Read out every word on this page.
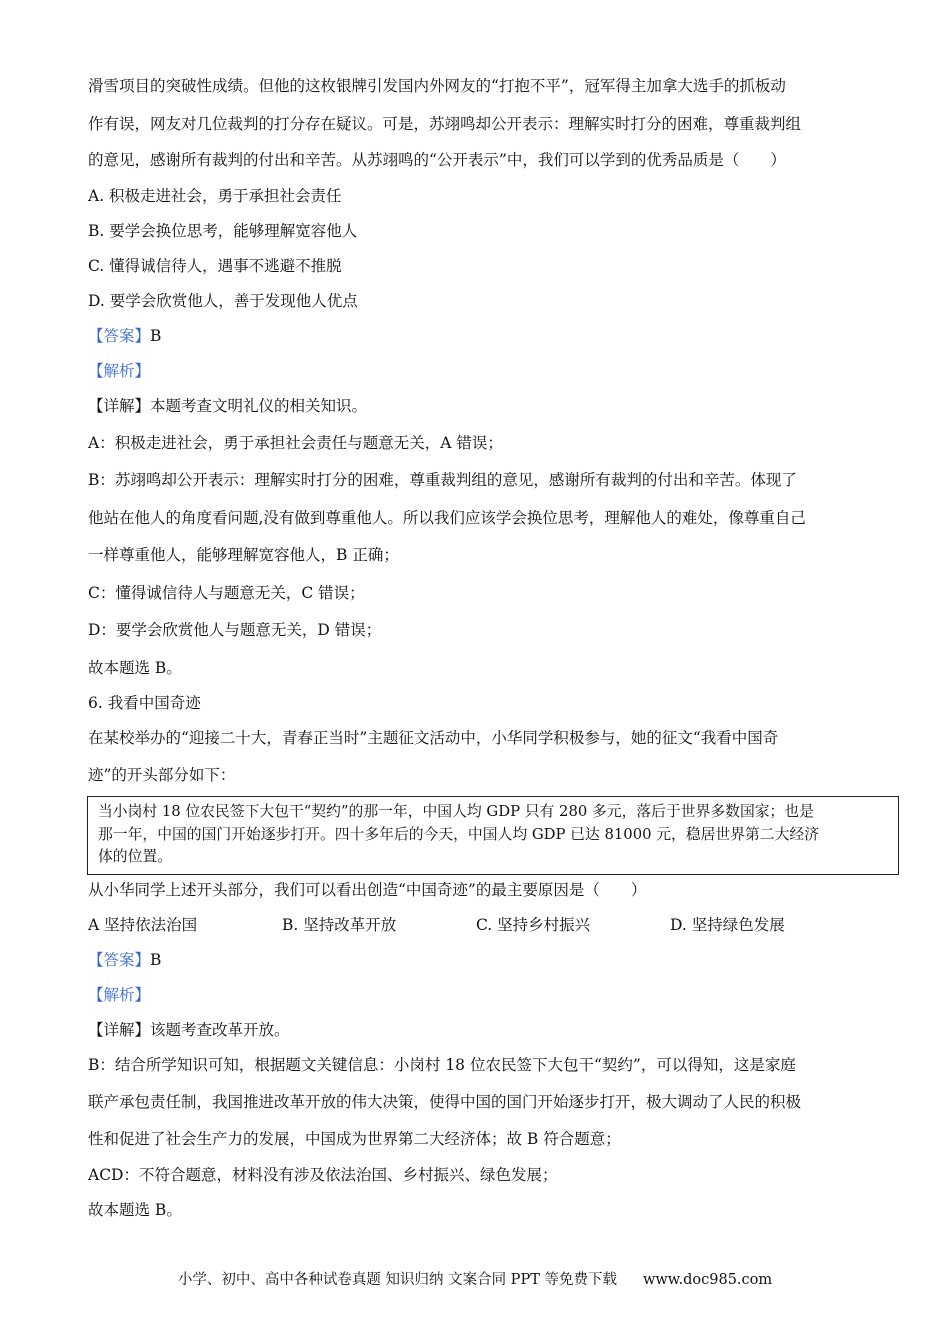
滑雪项目的突破性成绩。但他的这枚银牌引发国内外网友的“打抱不平”，冠军得主加拿大选手的抓板动
作有误，网友对几位裁判的打分存在疑议。可是，苏翊鸣却公开表示：理解实时打分的困难，尊重裁判组
的意见，感谢所有裁判的付出和辛苦。从苏翊鸣的“公开表示”中，我们可以学到的优秀品质是（　　）
A. 积极走进社会，勇于承担社会责任
B. 要学会换位思考，能够理解宽容他人
C. 懂得诚信待人，遇事不逃避不推脱
D. 要学会欣赏他人，善于发现他人优点
【答案】B
【解析】
【详解】本题考查文明礼仪的相关知识。
A：积极走进社会，勇于承担社会责任与题意无关，A 错误；
B：苏翊鸣却公开表示：理解实时打分的困难，尊重裁判组的意见，感谢所有裁判的付出和辛苦。体现了
他站在他人的角度看问题,没有做到尊重他人。所以我们应该学会换位思考，理解他人的难处，像尊重自己
一样尊重他人，能够理解宽容他人，B 正确；
C：懂得诚信待人与题意无关，C 错误；
D：要学会欣赏他人与题意无关，D 错误；
故本题选 B。
6. 我看中国奇迹
在某校举办的“迎接二十大，青春正当时”主题征文活动中，小华同学积极参与，她的征文“我看中国奇
迹”的开头部分如下：
当小岗村 18 位农民签下大包干“契约”的那一年，中国人均 GDP 只有 280 多元，落后于世界多数国家；也是
那一年，中国的国门开始逐步打开。四十多年后的今天，中国人均 GDP 已达 81000 元，稳居世界第二大经济
体的位置。
从小华同学上述开头部分，我们可以看出创造“中国奇迹”的最主要原因是（　　）
A 坚持依法治国	B. 坚持改革开放	C. 坚持乡村振兴	D. 坚持绿色发展
【答案】B
【解析】
【详解】该题考查改革开放。
B：结合所学知识可知，根据题文关键信息：小岗村 18 位农民签下大包干“契约”，可以得知，这是家庭
联产承包责任制，我国推进改革开放的伟大决策，使得中国的国门开始逐步打开，极大调动了人民的积极
性和促进了社会生产力的发展，中国成为世界第二大经济体；故 B 符合题意；
ACD：不符合题意，材料没有涉及依法治国、乡村振兴、绿色发展；
故本题选 B。
小学、初中、高中各种试卷真题 知识归纳 文案合同 PPT 等免费下载 www.doc985.com
